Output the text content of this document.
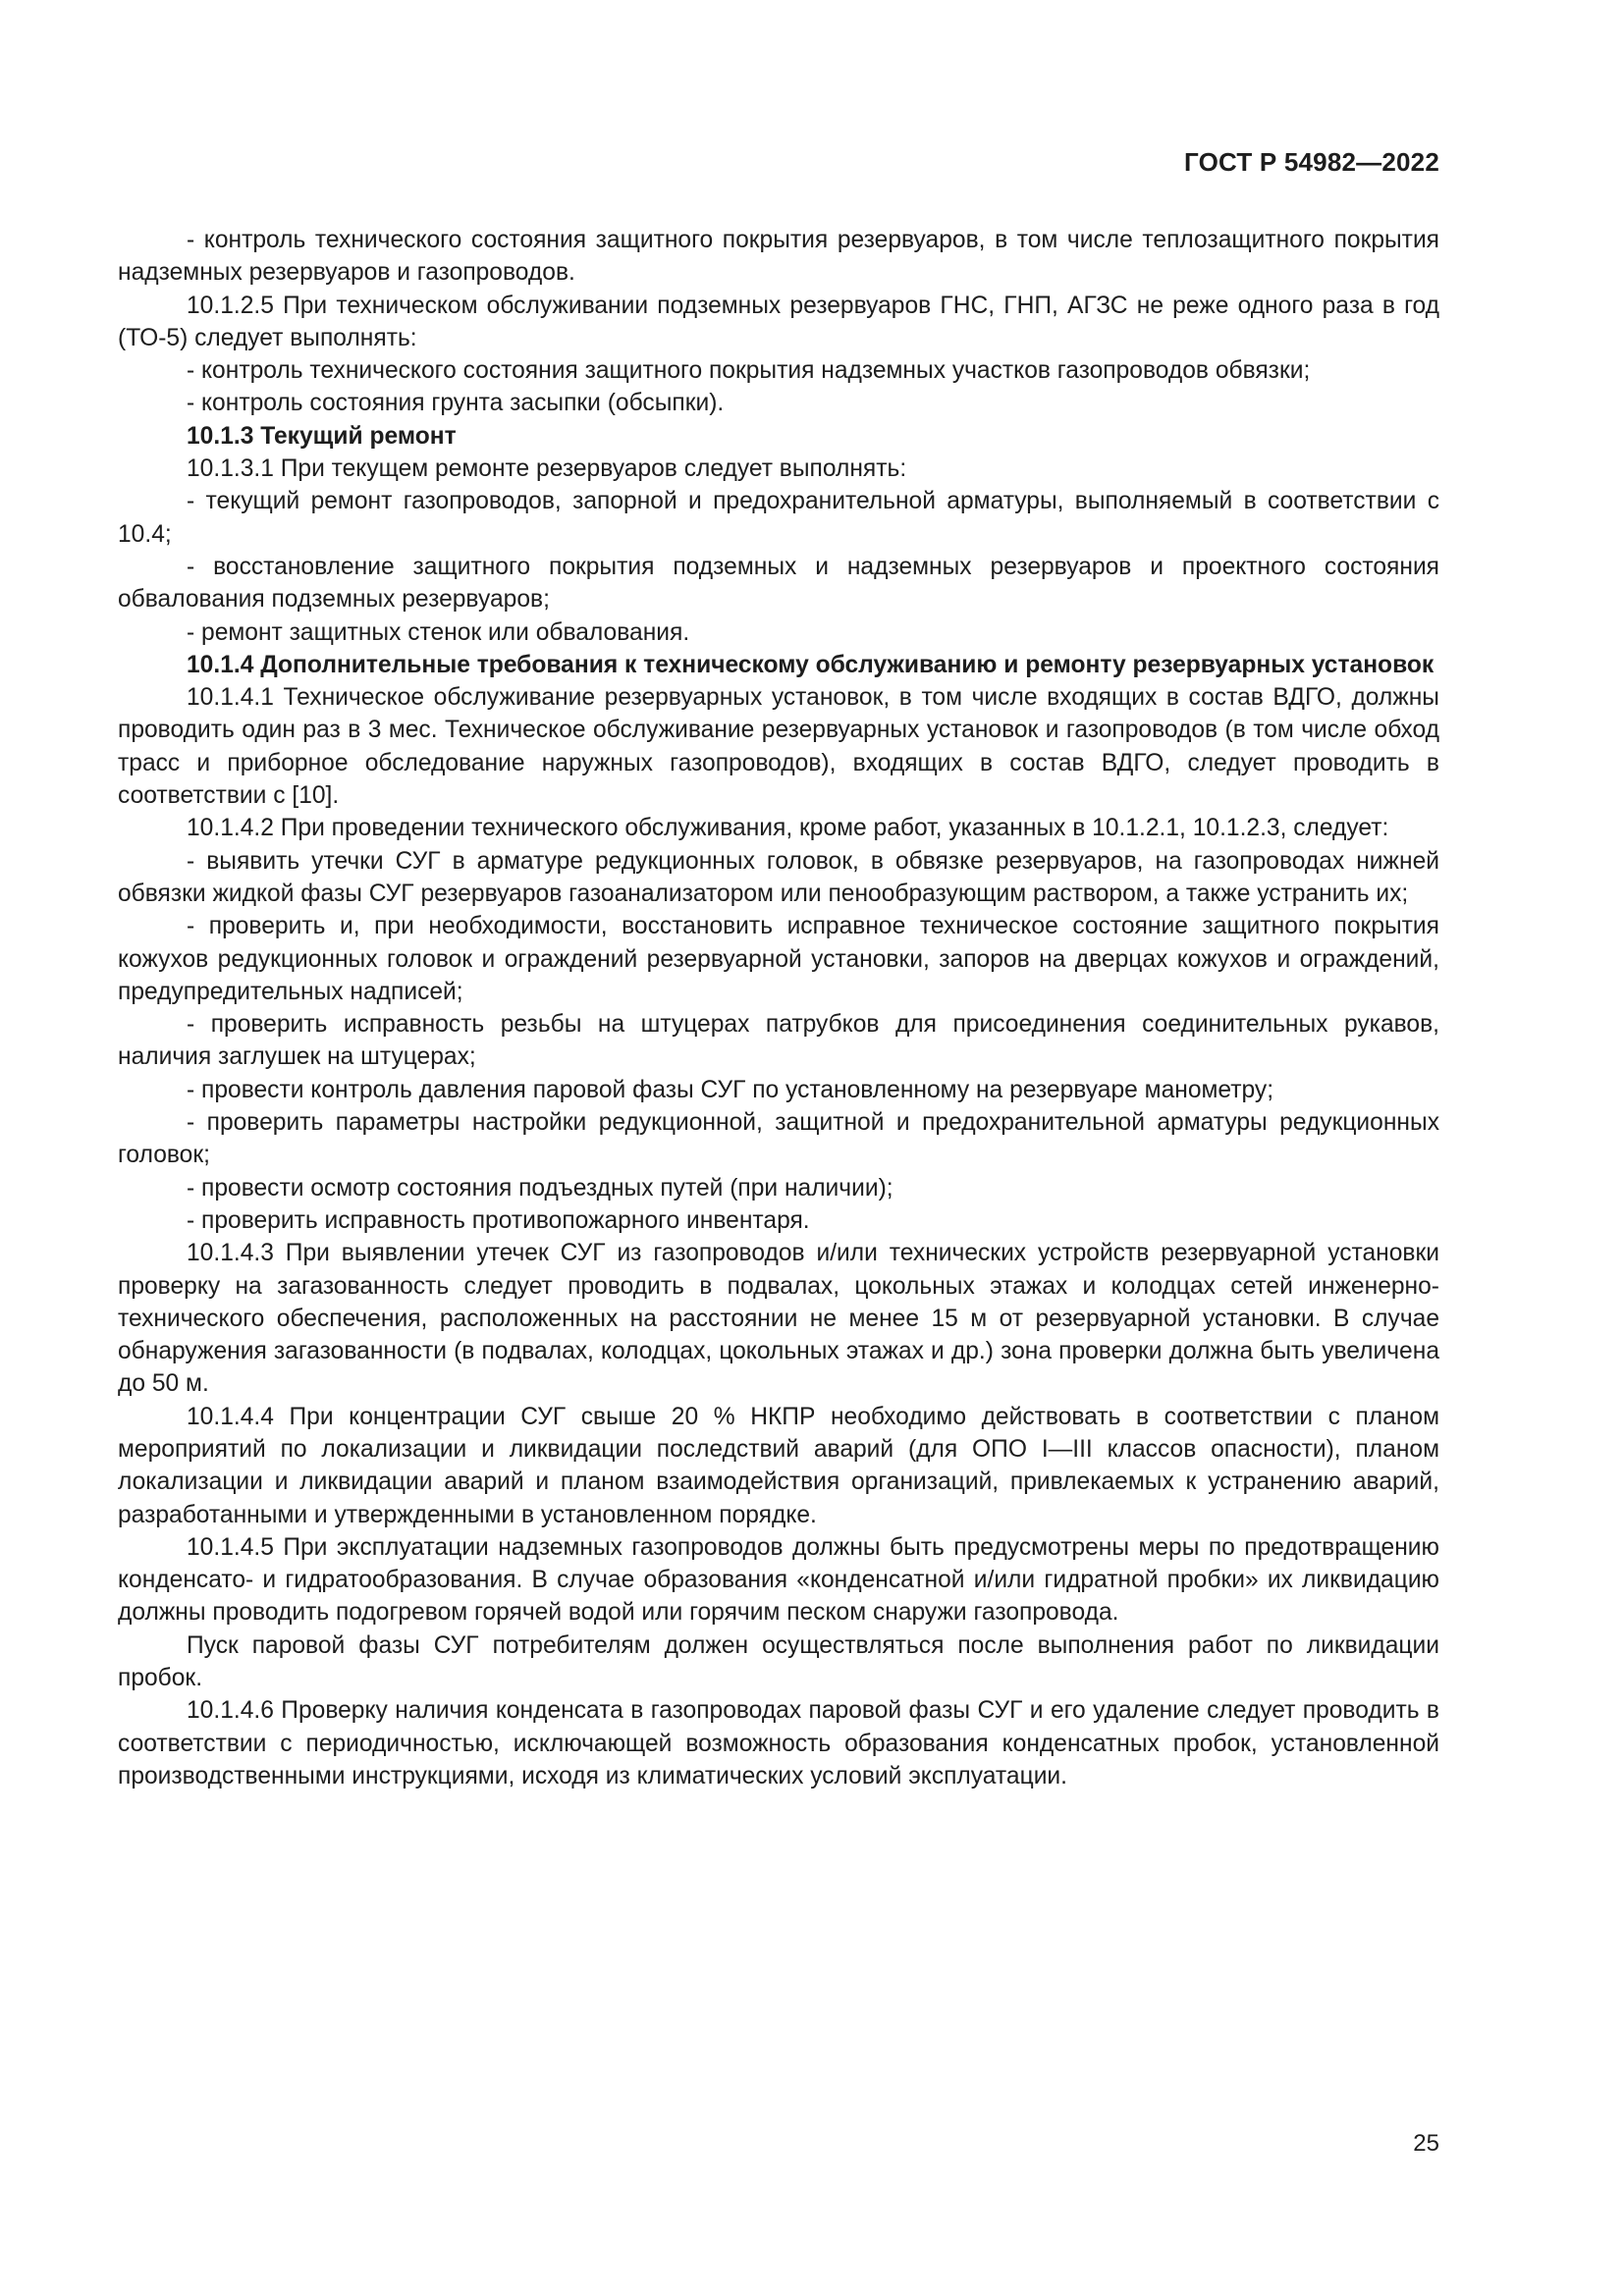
ГОСТ Р 54982—2022

- контроль технического состояния защитного покрытия резервуаров, в том числе теплозащитного покрытия надземных резервуаров и газопроводов.

10.1.2.5 При техническом обслуживании подземных резервуаров ГНС, ГНП, АГЗС не реже одного раза в год (ТО-5) следует выполнять:

- контроль технического состояния защитного покрытия надземных участков газопроводов обвязки;

- контроль состояния грунта засыпки (обсыпки).

10.1.3 Текущий ремонт

10.1.3.1 При текущем ремонте резервуаров следует выполнять:

- текущий ремонт газопроводов, запорной и предохранительной арматуры, выполняемый в соответствии с 10.4;

- восстановление защитного покрытия подземных и надземных резервуаров и проектного состояния обвалования подземных резервуаров;

- ремонт защитных стенок или обвалования.

10.1.4 Дополнительные требования к техническому обслуживанию и ремонту резервуарных установок

10.1.4.1 Техническое обслуживание резервуарных установок, в том числе входящих в состав ВДГО, должны проводить один раз в 3 мес. Техническое обслуживание резервуарных установок и газопроводов (в том числе обход трасс и приборное обследование наружных газопроводов), входящих в состав ВДГО, следует проводить в соответствии с [10].

10.1.4.2 При проведении технического обслуживания, кроме работ, указанных в 10.1.2.1, 10.1.2.3, следует:

- выявить утечки СУГ в арматуре редукционных головок, в обвязке резервуаров, на газопроводах нижней обвязки жидкой фазы СУГ резервуаров газоанализатором или пенообразующим раствором, а также устранить их;

- проверить и, при необходимости, восстановить исправное техническое состояние защитного покрытия кожухов редукционных головок и ограждений резервуарной установки, запоров на дверцах кожухов и ограждений, предупредительных надписей;

- проверить исправность резьбы на штуцерах патрубков для присоединения соединительных рукавов, наличия заглушек на штуцерах;

- провести контроль давления паровой фазы СУГ по установленному на резервуаре манометру;

- проверить параметры настройки редукционной, защитной и предохранительной арматуры редукционных головок;

- провести осмотр состояния подъездных путей (при наличии);

- проверить исправность противопожарного инвентаря.

10.1.4.3 При выявлении утечек СУГ из газопроводов и/или технических устройств резервуарной установки проверку на загазованность следует проводить в подвалах, цокольных этажах и колодцах сетей инженерно-технического обеспечения, расположенных на расстоянии не менее 15 м от резервуарной установки. В случае обнаружения загазованности (в подвалах, колодцах, цокольных этажах и др.) зона проверки должна быть увеличена до 50 м.

10.1.4.4 При концентрации СУГ свыше 20 % НКПР необходимо действовать в соответствии с планом мероприятий по локализации и ликвидации последствий аварий (для ОПО I—III классов опасности), планом локализации и ликвидации аварий и планом взаимодействия организаций, привлекаемых к устранению аварий, разработанными и утвержденными в установленном порядке.

10.1.4.5 При эксплуатации надземных газопроводов должны быть предусмотрены меры по предотвращению конденсато- и гидратообразования. В случае образования «конденсатной и/или гидратной пробки» их ликвидацию должны проводить подогревом горячей водой или горячим песком снаружи газопровода.

Пуск паровой фазы СУГ потребителям должен осуществляться после выполнения работ по ликвидации пробок.

10.1.4.6 Проверку наличия конденсата в газопроводах паровой фазы СУГ и его удаление следует проводить в соответствии с периодичностью, исключающей возможность образования конденсатных пробок, установленной производственными инструкциями, исходя из климатических условий эксплуатации.

25
